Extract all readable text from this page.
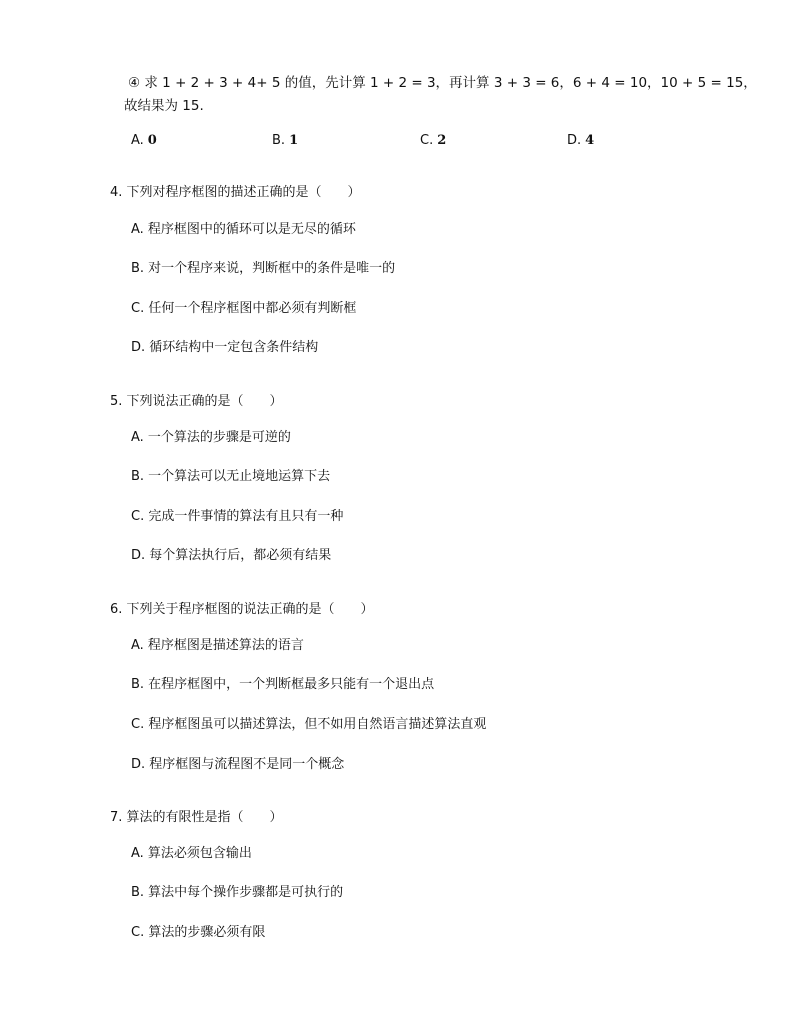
④ 求 1 + 2 + 3 + 4+ 5 的值，先计算 1 + 2 = 3，再计算 3 + 3 = 6，6 + 4 = 10，10 + 5 = 15，
故结果为 15.
A. 0	B. 1	C. 2	D. 4
4. 下列对程序框图的描述正确的是（　　）
A. 程序框图中的循环可以是无尽的循环
B. 对一个程序来说，判断框中的条件是唯一的
C. 任何一个程序框图中都必须有判断框
D. 循环结构中一定包含条件结构
5. 下列说法正确的是（　　）
A. 一个算法的步骤是可逆的
B. 一个算法可以无止境地运算下去
C. 完成一件事情的算法有且只有一种
D. 每个算法执行后，都必须有结果
6. 下列关于程序框图的说法正确的是（　　）
A. 程序框图是描述算法的语言
B. 在程序框图中，一个判断框最多只能有一个退出点
C. 程序框图虽可以描述算法，但不如用自然语言描述算法直观
D. 程序框图与流程图不是同一个概念
7. 算法的有限性是指（　　）
A. 算法必须包含输出
B. 算法中每个操作步骤都是可执行的
C. 算法的步骤必须有限
